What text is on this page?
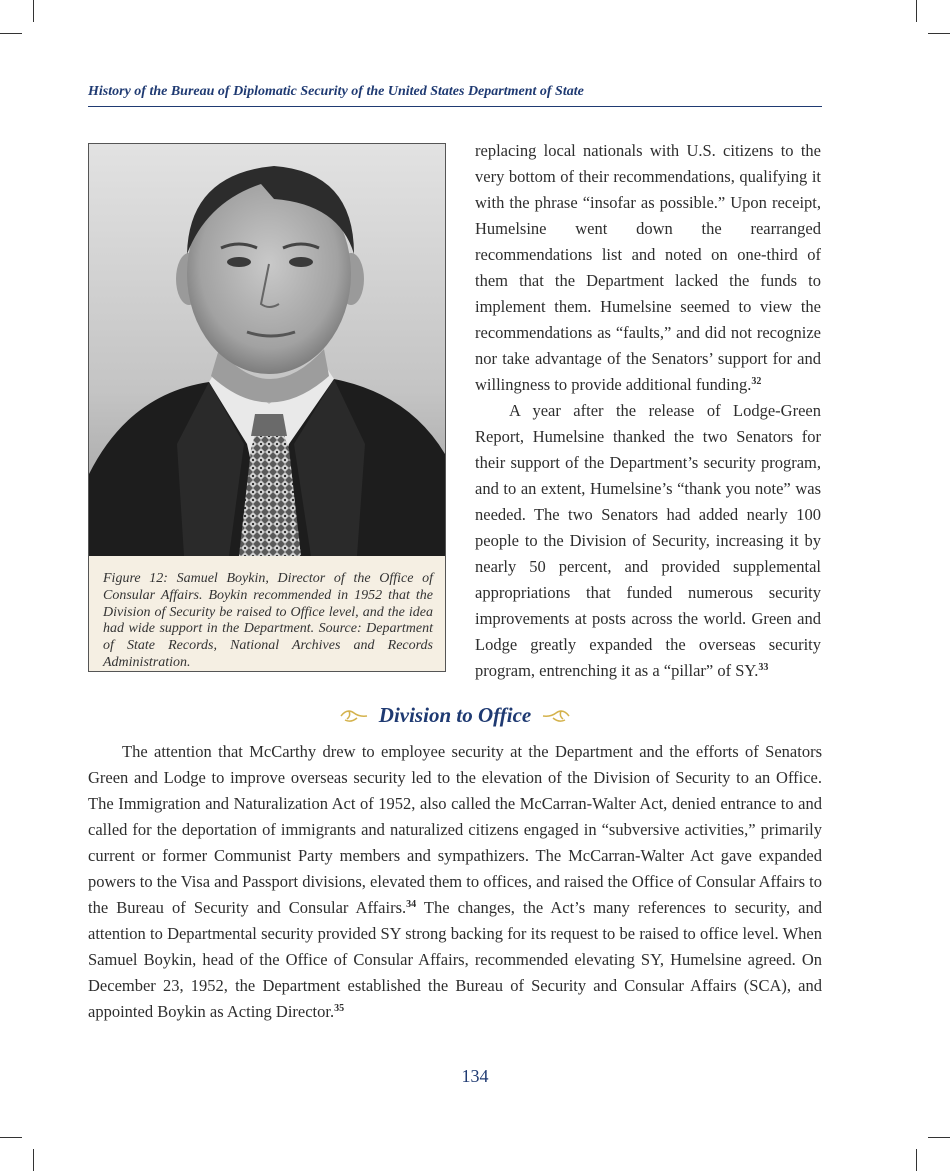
History of the Bureau of Diplomatic Security of the United States Department of State
Figure 12: Samuel Boykin, Director of the Office of Consular Affairs. Boykin recommended in 1952 that the Division of Security be raised to Office level, and the idea had wide support in the Department. Source: Department of State Records, National Archives and Records Administration.

replacing local nationals with U.S. citizens to the very bottom of their recommendations, qualifying it with the phrase “insofar as possible.” Upon receipt, Humelsine went down the rearranged recommendations list and noted on one-third of them that the Department lacked the funds to implement them. Humelsine seemed to view the recommendations as “faults,” and did not recognize nor take advantage of the Senators’ support for and willingness to provide additional funding.$^{32}$

A year after the release of Lodge-Green Report, Humelsine thanked the two Senators for their support of the Department’s security program, and to an extent, Humelsine’s “thank you note” was needed. The two Senators had added nearly 100 people to the Division of Security, increasing it by nearly 50 percent, and provided supplemental appropriations that funded numerous security improvements at posts across the world. Green and Lodge greatly expanded the overseas security program, entrenching it as a “pillar” of SY.$^{33}$

Division to Office

The attention that McCarthy drew to employee security at the Department and the efforts of Senators Green and Lodge to improve overseas security led to the elevation of the Division of Security to an Office. The Immigration and Naturalization Act of 1952, also called the McCarran-Walter Act, denied entrance to and called for the deportation of immigrants and naturalized citizens engaged in “subversive activities,” primarily current or former Communist Party members and sympathizers. The McCarran-Walter Act gave expanded powers to the Visa and Passport divisions, elevated them to offices, and raised the Office of Consular Affairs to the Bureau of Security and Consular Affairs.$^{34}$ The changes, the Act’s many references to security, and attention to Departmental security provided SY strong backing for its request to be raised to office level. When Samuel Boykin, head of the Office of Consular Affairs, recommended elevating SY, Humelsine agreed. On December 23, 1952, the Department established the Bureau of Security and Consular Affairs (SCA), and appointed Boykin as Acting Director.$^{35}$

134
